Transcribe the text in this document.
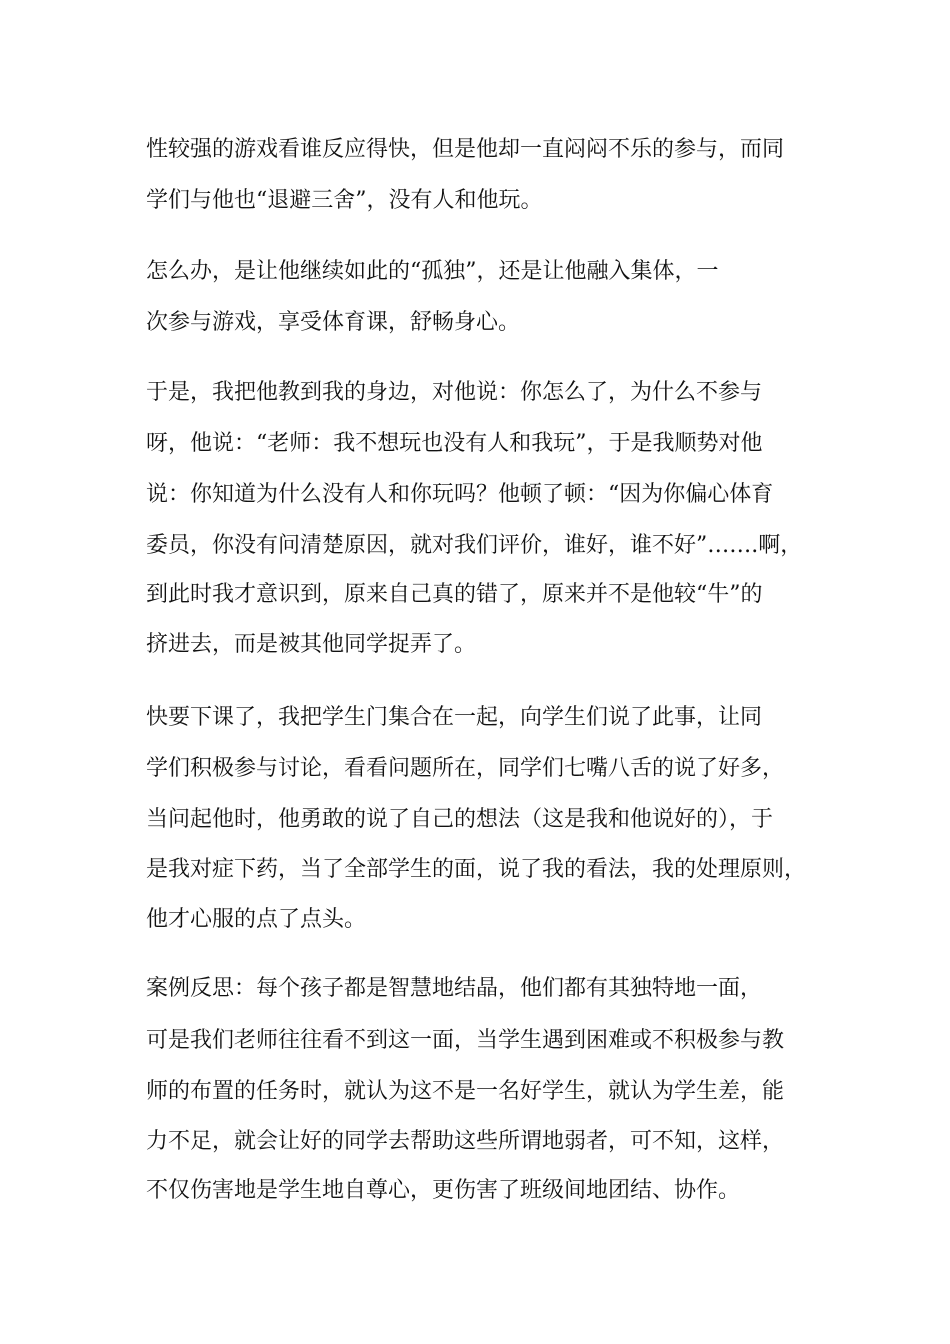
性较强的游戏看谁反应得快，但是他却一直闷闷不乐的参与，而同
学们与他也“退避三舍”，没有人和他玩。
怎么办，是让他继续如此的“孤独”，还是让他融入集体，一
次参与游戏，享受体育课，舒畅身心。
于是，我把他教到我的身边，对他说：你怎么了，为什么不参与
呀，他说：“老师：我不想玩也没有人和我玩”，于是我顺势对他
说：你知道为什么没有人和你玩吗？他顿了顿：“因为你偏心体育
委员，你没有问清楚原因，就对我们评价，谁好，谁不好”…….啊，
到此时我才意识到，原来自己真的错了，原来并不是他较“牛”的
挤进去，而是被其他同学捉弄了。
快要下课了，我把学生门集合在一起，向学生们说了此事，让同
学们积极参与讨论，看看问题所在，同学们七嘴八舌的说了好多，
当问起他时，他勇敢的说了自己的想法（这是我和他说好的），于
是我对症下药，当了全部学生的面，说了我的看法，我的处理原则，
他才心服的点了点头。
案例反思：每个孩子都是智慧地结晶，他们都有其独特地一面，
可是我们老师往往看不到这一面，当学生遇到困难或不积极参与教
师的布置的任务时，就认为这不是一名好学生，就认为学生差，能
力不足，就会让好的同学去帮助这些所谓地弱者，可不知，这样，
不仅伤害地是学生地自尊心，更伤害了班级间地团结、协作。
